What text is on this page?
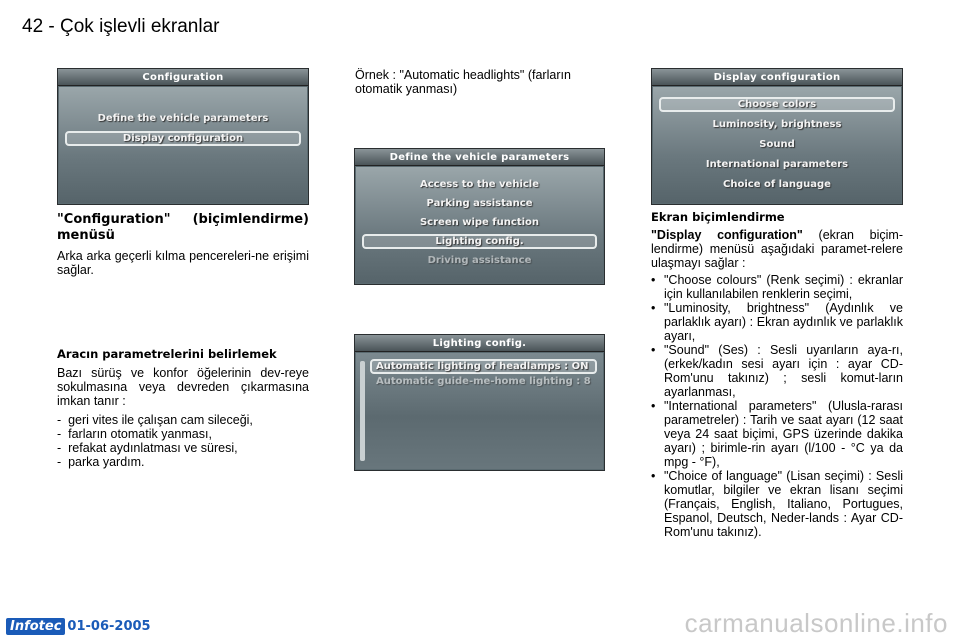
42 - Çok işlevli ekranlar
Configuration
Define the vehicle parameters
Display configuration
Define the vehicle parameters
Access to the vehicle
Parking assistance
Screen wipe function
Lighting config.
Driving assistance
Lighting config.
Automatic lighting of headlamps : ON
Automatic guide-me-home lighting : 8
Display configuration
Choose colors
Luminosity, brightness
Sound
International parameters
Choice of language
"Configuration" (biçimlendirme) menüsü
Arka arka geçerli kılma pencereleri-ne erişimi sağlar.
Aracın parametrelerini belirlemek
Bazı sürüş ve konfor öğelerinin dev-reye sokulmasına veya devreden çıkarmasına imkan tanır :
-  geri vites ile çalışan cam sileceği,
-  farların otomatik yanması,
-  refakat aydınlatması ve süresi,
-  parka yardım.
Örnek : "Automatic headlights" (farların otomatik yanması)
Ekran biçimlendirme
"Display configuration" (ekran biçim-lendirme) menüsü aşağıdaki paramet-relere ulaşmayı sağlar :
• "Choose colours" (Renk seçimi) : ekranlar için kullanılabilen renklerin seçimi,
• "Luminosity, brightness" (Aydınlık ve parlaklık ayarı) : Ekran aydınlık ve parlaklık ayarı,
• "Sound" (Ses) : Sesli uyarıların aya-rı, (erkek/kadın sesi ayarı için : ayar CD-Rom'unu takınız) ; sesli komut-ların ayarlanması,
• "International parameters" (Ulusla-rarası parametreler) : Tarih ve saat ayarı (12 saat veya 24 saat biçimi, GPS üzerinde dakika ayarı) ; birimle-rin ayarı (l/100 - °C ya da mpg - °F),
• "Choice of language" (Lisan seçimi) : Sesli komutlar, bilgiler ve ekran lisanı seçimi (Français, English, Italiano, Portugues, Espanol, Deutsch, Neder-lands : Ayar CD-Rom'unu takınız).
Infotec 01-06-2005	carmanualsonline.info
